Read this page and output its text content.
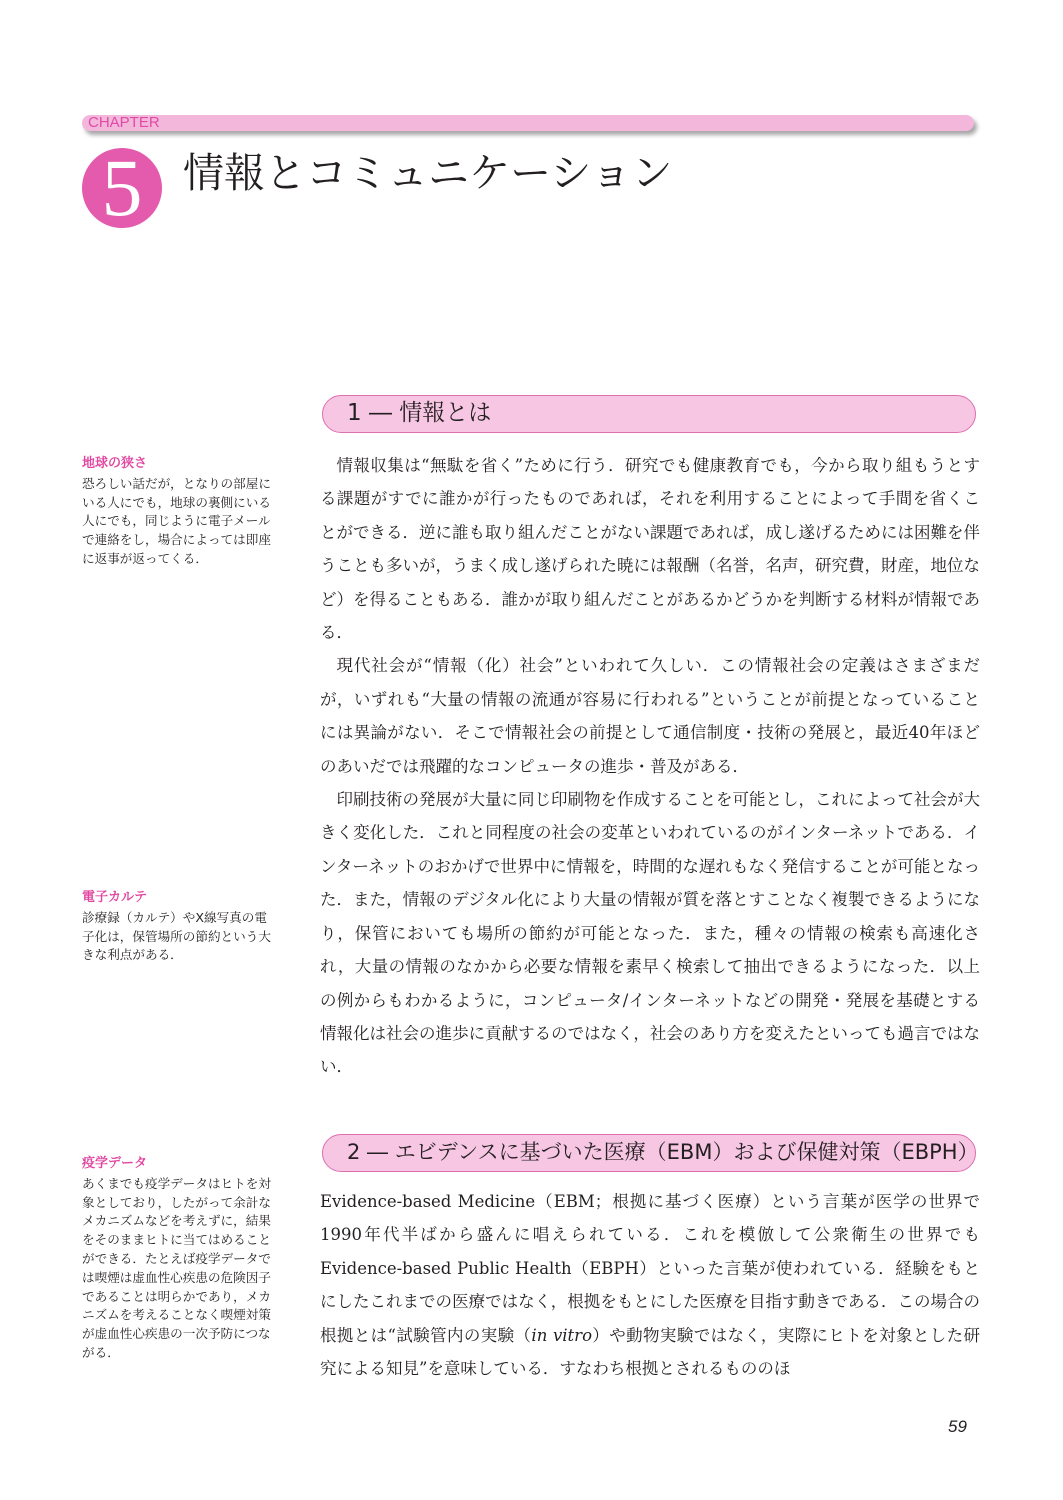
CHAPTER
5 情報とコミュニケーション
地球の狭さ
恐ろしい話だが，となりの部屋にいる人にでも，地球の裏側にいる人にでも，同じように電子メールで連絡をし，場合によっては即座に返事が返ってくる．
電子カルテ
診療録（カルテ）やX線写真の電子化は，保管場所の節約という大きな利点がある．
疫学データ
あくまでも疫学データはヒトを対象としており，したがって余計なメカニズムなどを考えずに，結果をそのままヒトに当てはめることができる．たとえば疫学データでは喫煙は虚血性心疾患の危険因子であることは明らかであり，メカニズムを考えることなく喫煙対策が虚血性心疾患の一次予防につながる．
1 ― 情報とは

情報収集は“無駄を省く”ために行う．研究でも健康教育でも，今から取り組もうとする課題がすでに誰かが行ったものであれば，それを利用することによって手間を省くことができる．逆に誰も取り組んだことがない課題であれば，成し遂げるためには困難を伴うことも多いが，うまく成し遂げられた暁には報酬（名誉，名声，研究費，財産，地位など）を得ることもある．誰かが取り組んだことがあるかどうかを判断する材料が情報である．

現代社会が“情報（化）社会”といわれて久しい．この情報社会の定義はさまざまだが，いずれも“大量の情報の流通が容易に行われる”ということが前提となっていることには異論がない．そこで情報社会の前提として通信制度・技術の発展と，最近40年ほどのあいだでは飛躍的なコンピュータの進歩・普及がある．

印刷技術の発展が大量に同じ印刷物を作成することを可能とし，これによって社会が大きく変化した．これと同程度の社会の変革といわれているのがインターネットである．インターネットのおかげで世界中に情報を，時間的な遅れもなく発信することが可能となった．また，情報のデジタル化により大量の情報が質を落とすことなく複製できるようになり，保管においても場所の節約が可能となった．また，種々の情報の検索も高速化され，大量の情報のなかから必要な情報を素早く検索して抽出できるようになった．以上の例からもわかるように，コンピュータ/インターネットなどの開発・発展を基礎とする情報化は社会の進歩に貢献するのではなく，社会のあり方を変えたといっても過言ではない．

2 ― エビデンスに基づいた医療（EBM）および保健対策（EBPH）

Evidence-based Medicine（EBM；根拠に基づく医療）という言葉が医学の世界で1990年代半ばから盛んに唱えられている．これを模倣して公衆衛生の世界でもEvidence-based Public Health（EBPH）といった言葉が使われている．経験をもとにしたこれまでの医療ではなく，根拠をもとにした医療を目指す動きである．この場合の根拠とは“試験管内の実験（in vitro）や動物実験ではなく，実際にヒトを対象とした研究による知見”を意味している．すなわち根拠とされるもののほ

59
